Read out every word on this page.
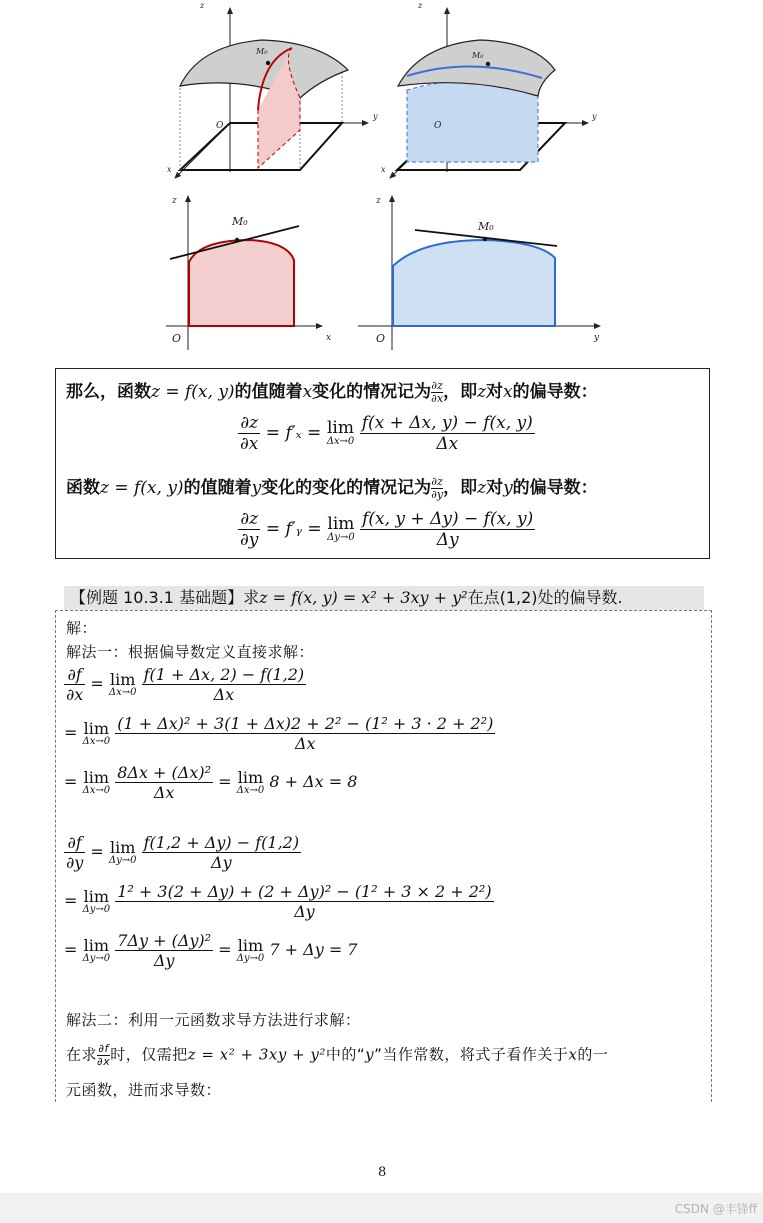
O
z
y
x
M₀
O
z
y
x
M₀
z
x
O
M₀
z
y
O
M₀
那么，函数z = f(x, y)的值随着x变化的情况记为 $\frac{\partial z}{\partial x}$ ，即z对x的偏导数：
$\frac{\partial z}{\partial x} = f'_x = \lim$
Δx→0
$\frac{f(x + \Delta x, y) - f(x, y)}{\Delta x}$
函数z = f(x, y)的值随着y变化的变化的情况记为 $\frac{\partial z}{\partial y}$ ，即z对y的偏导数：
$\frac{\partial z}{\partial y}$ = f′ᵧ = lim
Δy→0
$\frac{f(x, y + \Delta y) - f(x, y)}{\Delta y}$
【例题 10.3.1 基础题】求z = f(x, y) = x² + 3xy + y²在点(1,2)处的偏导数.
解：
解法一：根据偏导数定义直接求解：
$\frac{\partial f}{\partial x} = \lim$
Δx→0
$\frac{f(1 + \Delta x, 2) - f(1,2)}{\Delta x}$
= lim
Δx→0
$\frac{\text{(1 + Δx)² + 3(1 + Δx)2 + 2² − (1² + 3 · 2 + 2²)}}{\Delta x}$
= lim
Δx→0
$\frac{\text{8Δx + (Δx)²}}{\Delta x} = \lim$
Δx→0 8 + Δx = 8
$\frac{\partial f}{\partial y} = \lim$
Δy→0
$\frac{f(1,2 + \Delta y) - f(1,2)}{\Delta y}$
= lim
Δy→0
$\frac{\text{1² + 3(2 + Δy) + (2 + Δy)² − (1² + 3 × 2 + 2²)}}{\Delta y}$
= lim
Δy→0
$\frac{\text{7Δy + (Δy)²}}{\Delta y} = \lim$
Δy→0 7 + Δy = 7
解法二：利用一元函数求导方法进行求解：
在求 $\frac{\partial f}{\partial x}$ 时，仅需把z = x² + 3xy + y²中的“y”当作常数，将式子看作关于x的一
元函数，进而求导数：
8
CSDN @丰锋ff
